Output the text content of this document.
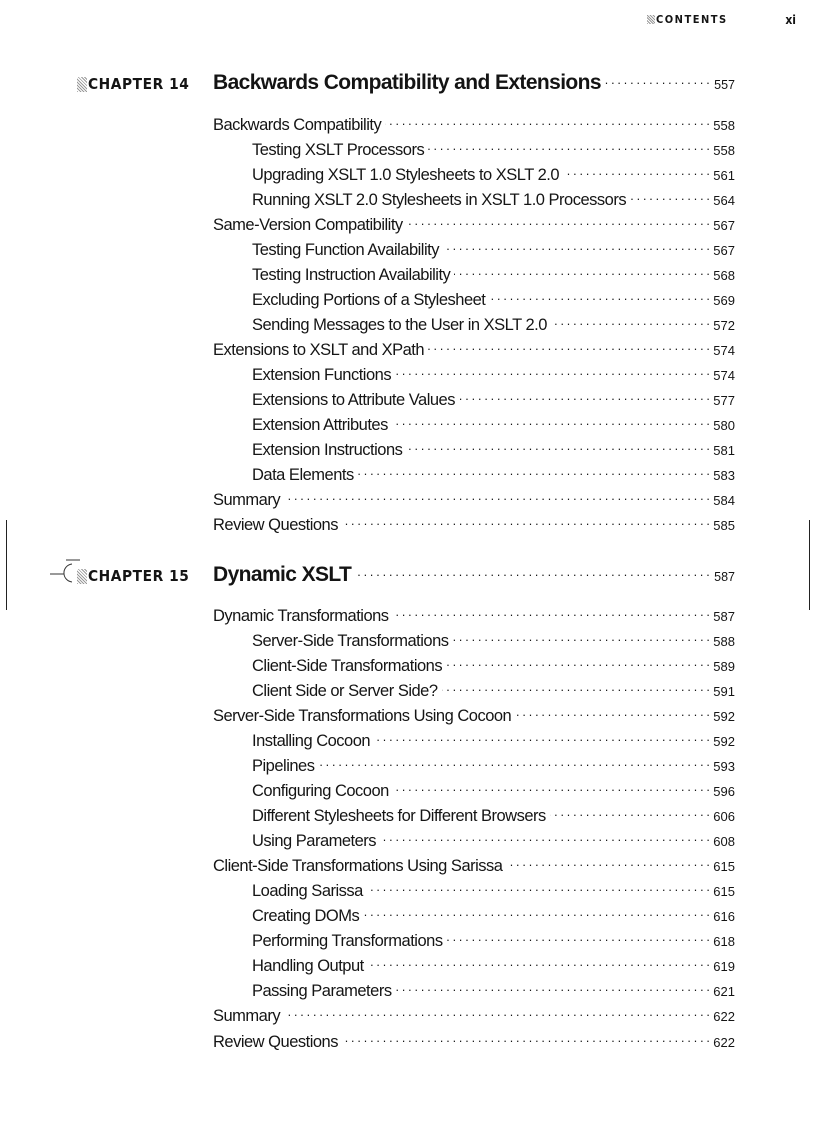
CONTENTS	xi
CHAPTER 14 Backwards Compatibility and Extensions . . .	557
Backwards Compatibility . . .	558
Testing XSLT Processors . . .	558
Upgrading XSLT 1.0 Stylesheets to XSLT 2.0 . . .	561
Running XSLT 2.0 Stylesheets in XSLT 1.0 Processors . . .	564
Same-Version Compatibility . . .	567
Testing Function Availability . . .	567
Testing Instruction Availability . . .	568
Excluding Portions of a Stylesheet . . .	569
Sending Messages to the User in XSLT 2.0 . . .	572
Extensions to XSLT and XPath . . .	574
Extension Functions . . .	574
Extensions to Attribute Values . . .	577
Extension Attributes . . .	580
Extension Instructions . . .	581
Data Elements . . .	583
Summary . . .	584
Review Questions . . .	585
CHAPTER 15 Dynamic XSLT . . .	587
Dynamic Transformations . . .	587
Server-Side Transformations . . .	588
Client-Side Transformations . . .	589
Client Side or Server Side? . . .	591
Server-Side Transformations Using Cocoon . . .	592
Installing Cocoon . . .	592
Pipelines . . .	593
Configuring Cocoon . . .	596
Different Stylesheets for Different Browsers . . .	606
Using Parameters . . .	608
Client-Side Transformations Using Sarissa . . .	615
Loading Sarissa . . .	615
Creating DOMs . . .	616
Performing Transformations . . .	618
Handling Output . . .	619
Passing Parameters . . .	621
Summary . . .	622
Review Questions . . .	622
